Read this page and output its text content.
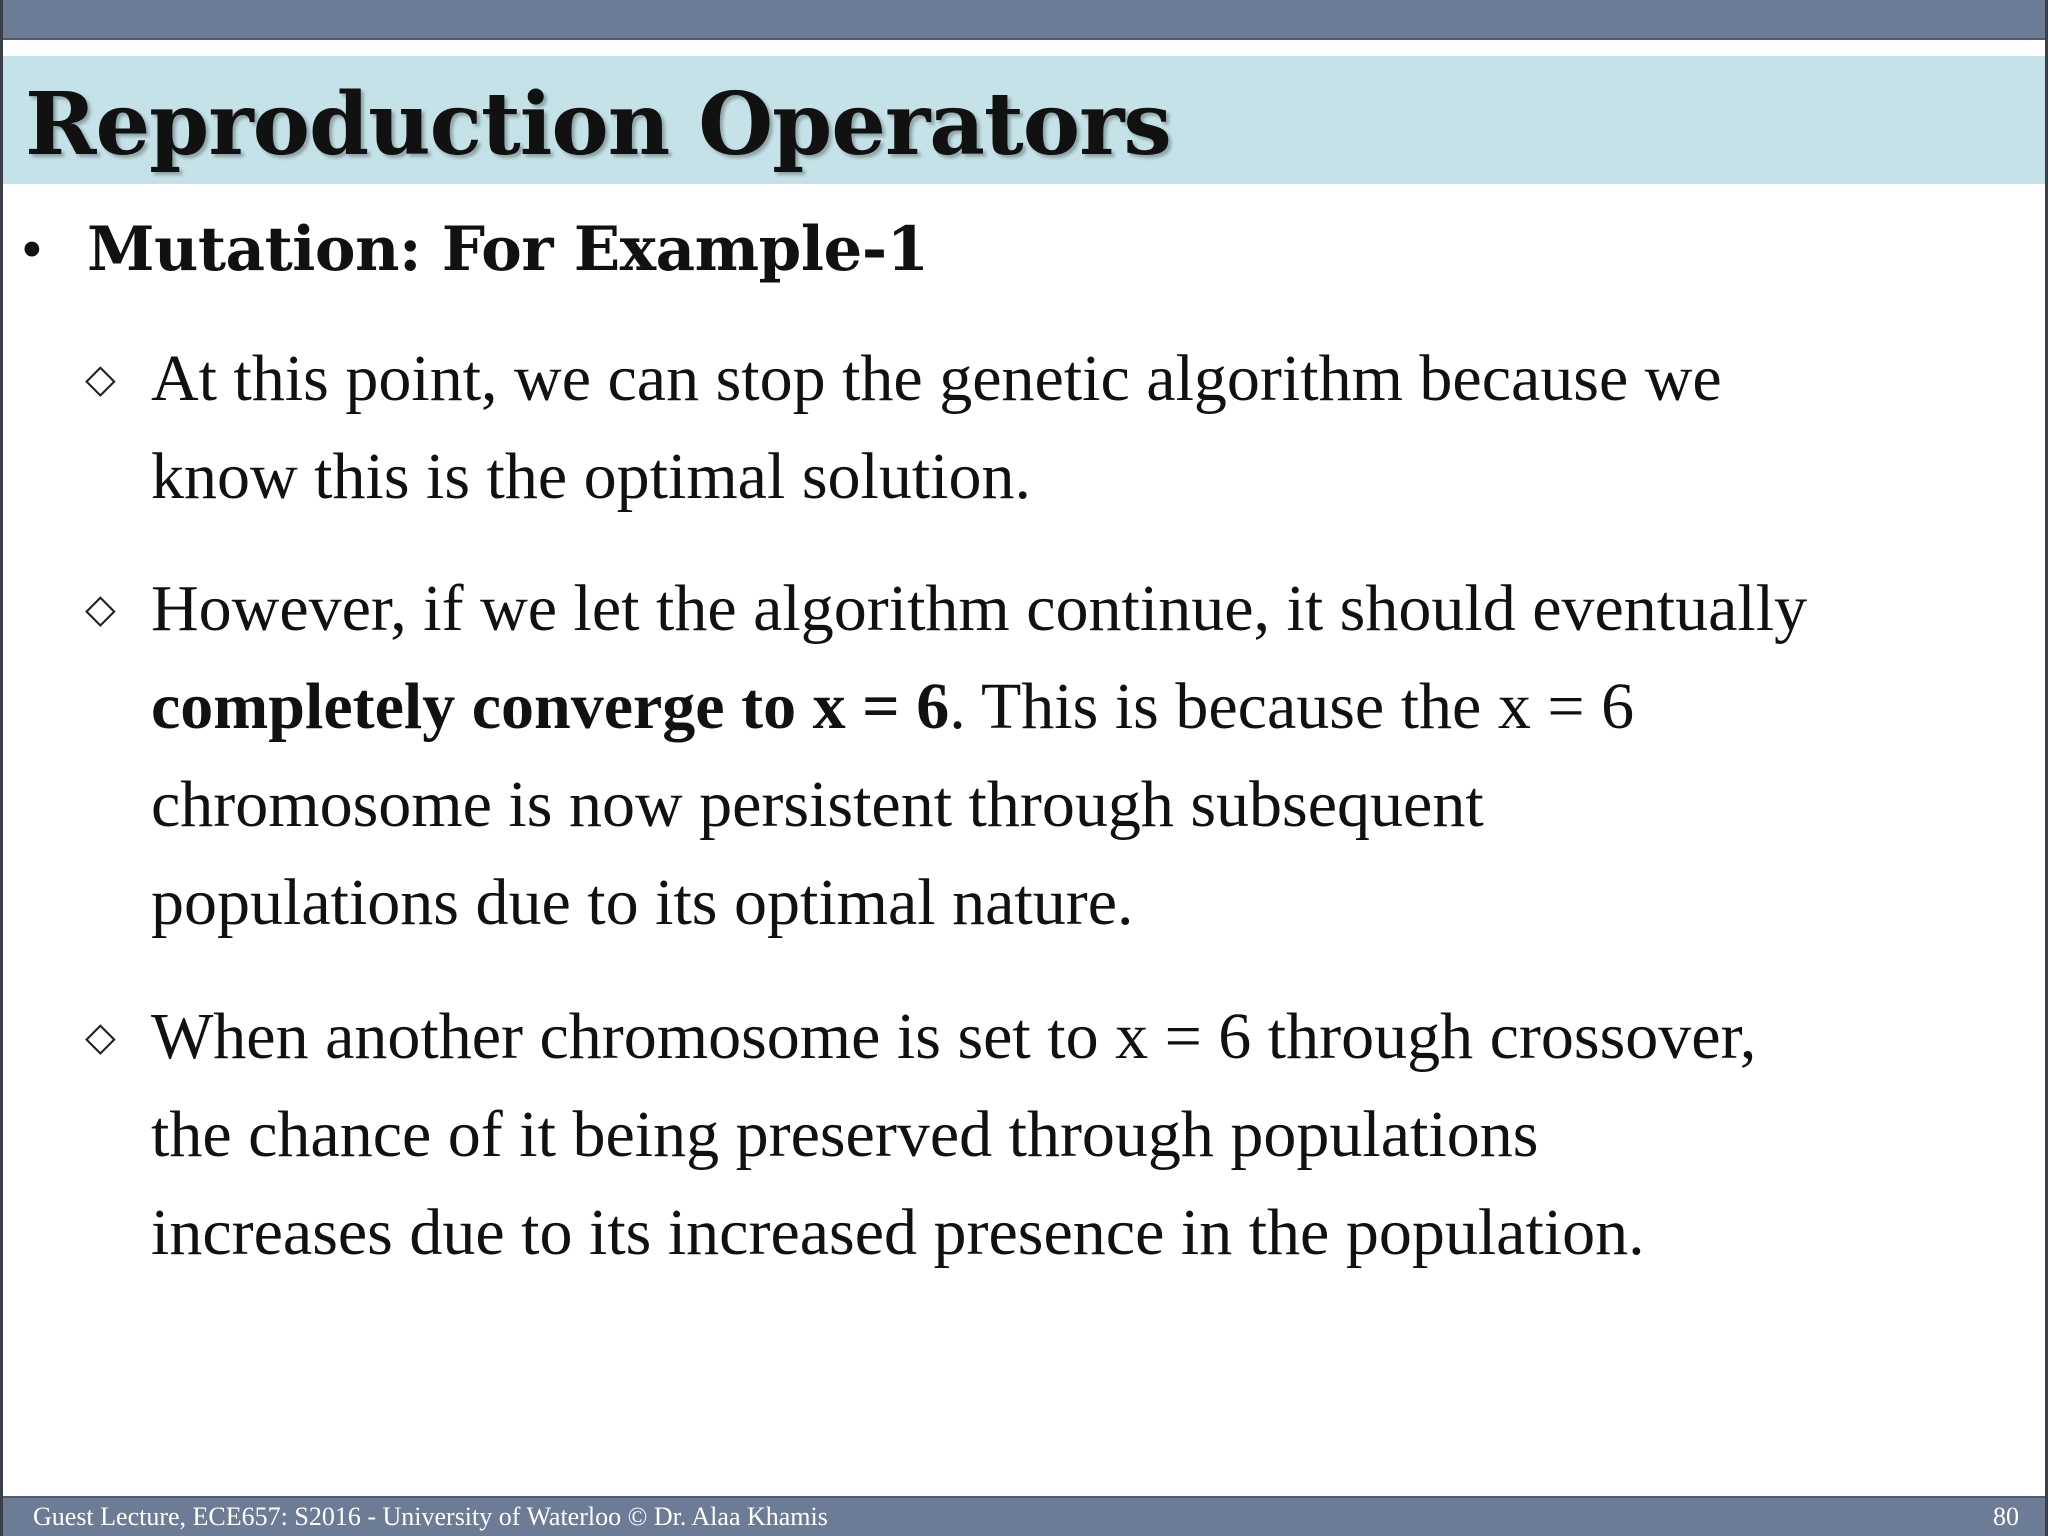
Reproduction Operators
• Mutation: For Example-1
◇ At this point, we can stop the genetic algorithm because we
know this is the optimal solution.
◇ However, if we let the algorithm continue, it should eventually
completely converge to x = 6. This is because the x = 6
chromosome is now persistent through subsequent
populations due to its optimal nature.
◇ When another chromosome is set to x = 6 through crossover,
the chance of it being preserved through populations
increases due to its increased presence in the population.
Guest Lecture, ECE657: S2016 - University of Waterloo © Dr. Alaa Khamis	80
